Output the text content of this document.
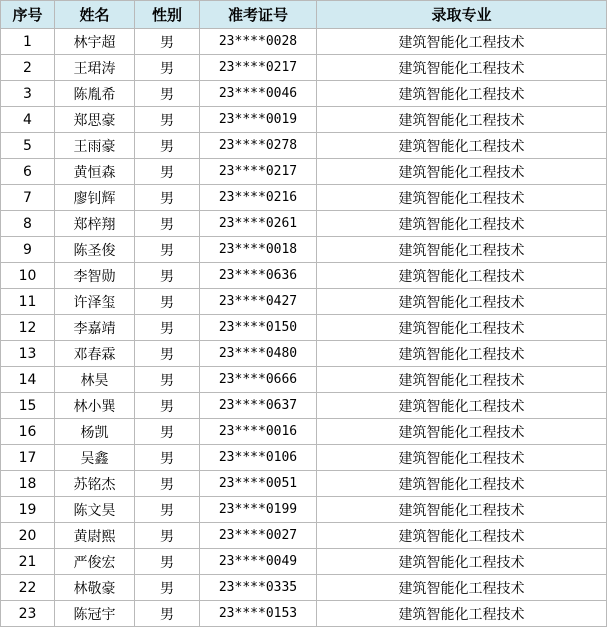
序号	姓名	性别	准考证号	录取专业
1	林宇超	男	23****0028	建筑智能化工程技术
2	王珺涛	男	23****0217	建筑智能化工程技术
3	陈胤希	男	23****0046	建筑智能化工程技术
4	郑思豪	男	23****0019	建筑智能化工程技术
5	王雨豪	男	23****0278	建筑智能化工程技术
6	黄恒森	男	23****0217	建筑智能化工程技术
7	廖钊辉	男	23****0216	建筑智能化工程技术
8	郑梓翔	男	23****0261	建筑智能化工程技术
9	陈圣俊	男	23****0018	建筑智能化工程技术
10	李智勋	男	23****0636	建筑智能化工程技术
11	许泽玺	男	23****0427	建筑智能化工程技术
12	李嘉靖	男	23****0150	建筑智能化工程技术
13	邓春霖	男	23****0480	建筑智能化工程技术
14	林昊	男	23****0666	建筑智能化工程技术
15	林小巽	男	23****0637	建筑智能化工程技术
16	杨凯	男	23****0016	建筑智能化工程技术
17	吴鑫	男	23****0106	建筑智能化工程技术
18	苏铭杰	男	23****0051	建筑智能化工程技术
19	陈文昊	男	23****0199	建筑智能化工程技术
20	黄尉熙	男	23****0027	建筑智能化工程技术
21	严俊宏	男	23****0049	建筑智能化工程技术
22	林敬豪	男	23****0335	建筑智能化工程技术
23	陈冠宇	男	23****0153	建筑智能化工程技术
